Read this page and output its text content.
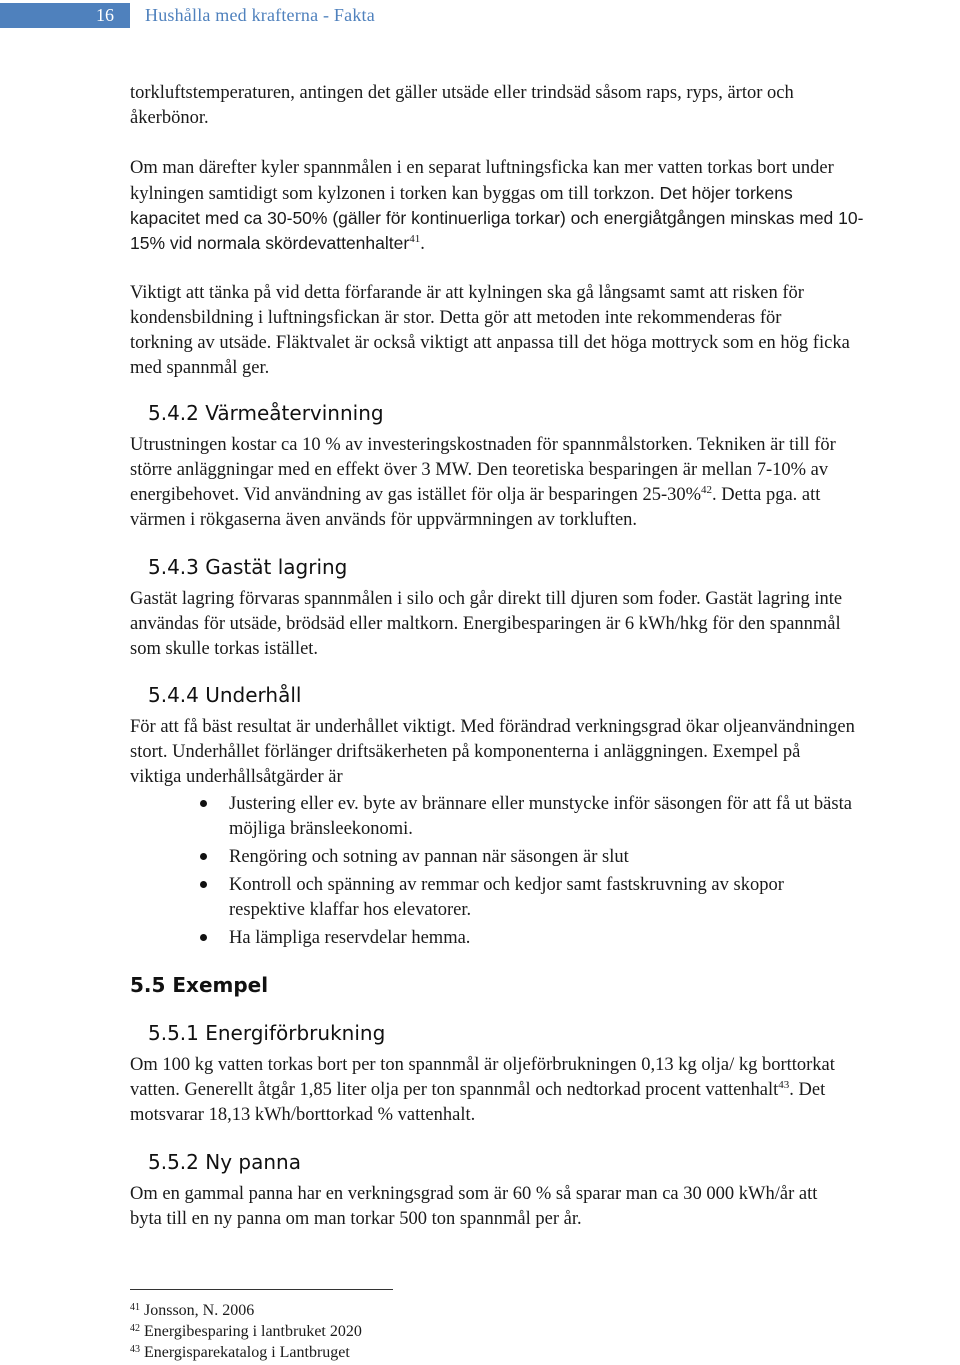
16	Hushålla med krafterna - Fakta

torkluftstemperaturen, antingen det gäller utsäde eller trindsäd såsom raps, ryps, ärtor och

åkerbönor.

Om man därefter kyler spannmålen i en separat luftningsficka kan mer vatten torkas bort under

kylningen samtidigt som kylzonen i torken kan byggas om till torkzon. Det höjer torkens

kapacitet med ca 30-50% (gäller för kontinuerliga torkar) och energiåtgången minskas med 10-

15% vid normala skördevattenhalter$^{41}$.

Viktigt att tänka på vid detta förfarande är att kylningen ska gå långsamt samt att risken för

kondensbildning i luftningsfickan är stor. Detta gör att metoden inte rekommenderas för

torkning av utsäde. Fläktvalet är också viktigt att anpassa till det höga mottryck som en hög ficka

med spannmål ger.

5.4.2 Värmeåtervinning

Utrustningen kostar ca 10 % av investeringskostnaden för spannmålstorken. Tekniken är till för

större anläggningar med en effekt över 3 MW. Den teoretiska besparingen är mellan 7-10% av

energibehovet. Vid användning av gas istället för olja är besparingen 25-30%$^{42}$. Detta pga. att

värmen i rökgaserna även används för uppvärmningen av torkluften.

5.4.3 Gastät lagring

Gastät lagring förvaras spannmålen i silo och går direkt till djuren som foder. Gastät lagring inte

användas för utsäde, brödsäd eller maltkorn. Energibesparingen är 6 kWh/hkg för den spannmål

som skulle torkas istället.

5.4.4 Underhåll

För att få bäst resultat är underhållet viktigt. Med förändrad verkningsgrad ökar oljeanvändningen

stort. Underhållet förlänger driftsäkerheten på komponenterna i anläggningen. Exempel på

viktiga underhållsåtgärder är

Justering eller ev. byte av brännare eller munstycke inför säsongen för att få ut bästa

möjliga bränsleekonomi.

Rengöring och sotning av pannan när säsongen är slut

Kontroll och spänning av remmar och kedjor samt fastskruvning av skopor

respektive klaffar hos elevatorer.

Ha lämpliga reservdelar hemma.

5.5 Exempel
5.5.1 Energiförbrukning

Om 100 kg vatten torkas bort per ton spannmål är oljeförbrukningen 0,13 kg olja/ kg borttorkat

vatten. Generellt åtgår 1,85 liter olja per ton spannmål och nedtorkad procent vattenhalt$^{43}$. Det

motsvarar 18,13 kWh/borttorkad % vattenhalt.

5.5.2 Ny panna

Om en gammal panna har en verkningsgrad som är 60 % så sparar man ca 30 000 kWh/år att

byta till en ny panna om man torkar 500 ton spannmål per år.

$^{41}$ Jonsson, N. 2006

$^{42}$ Energibesparing i lantbruket 2020

$^{43}$ Energisparekatalog i Lantbruget
